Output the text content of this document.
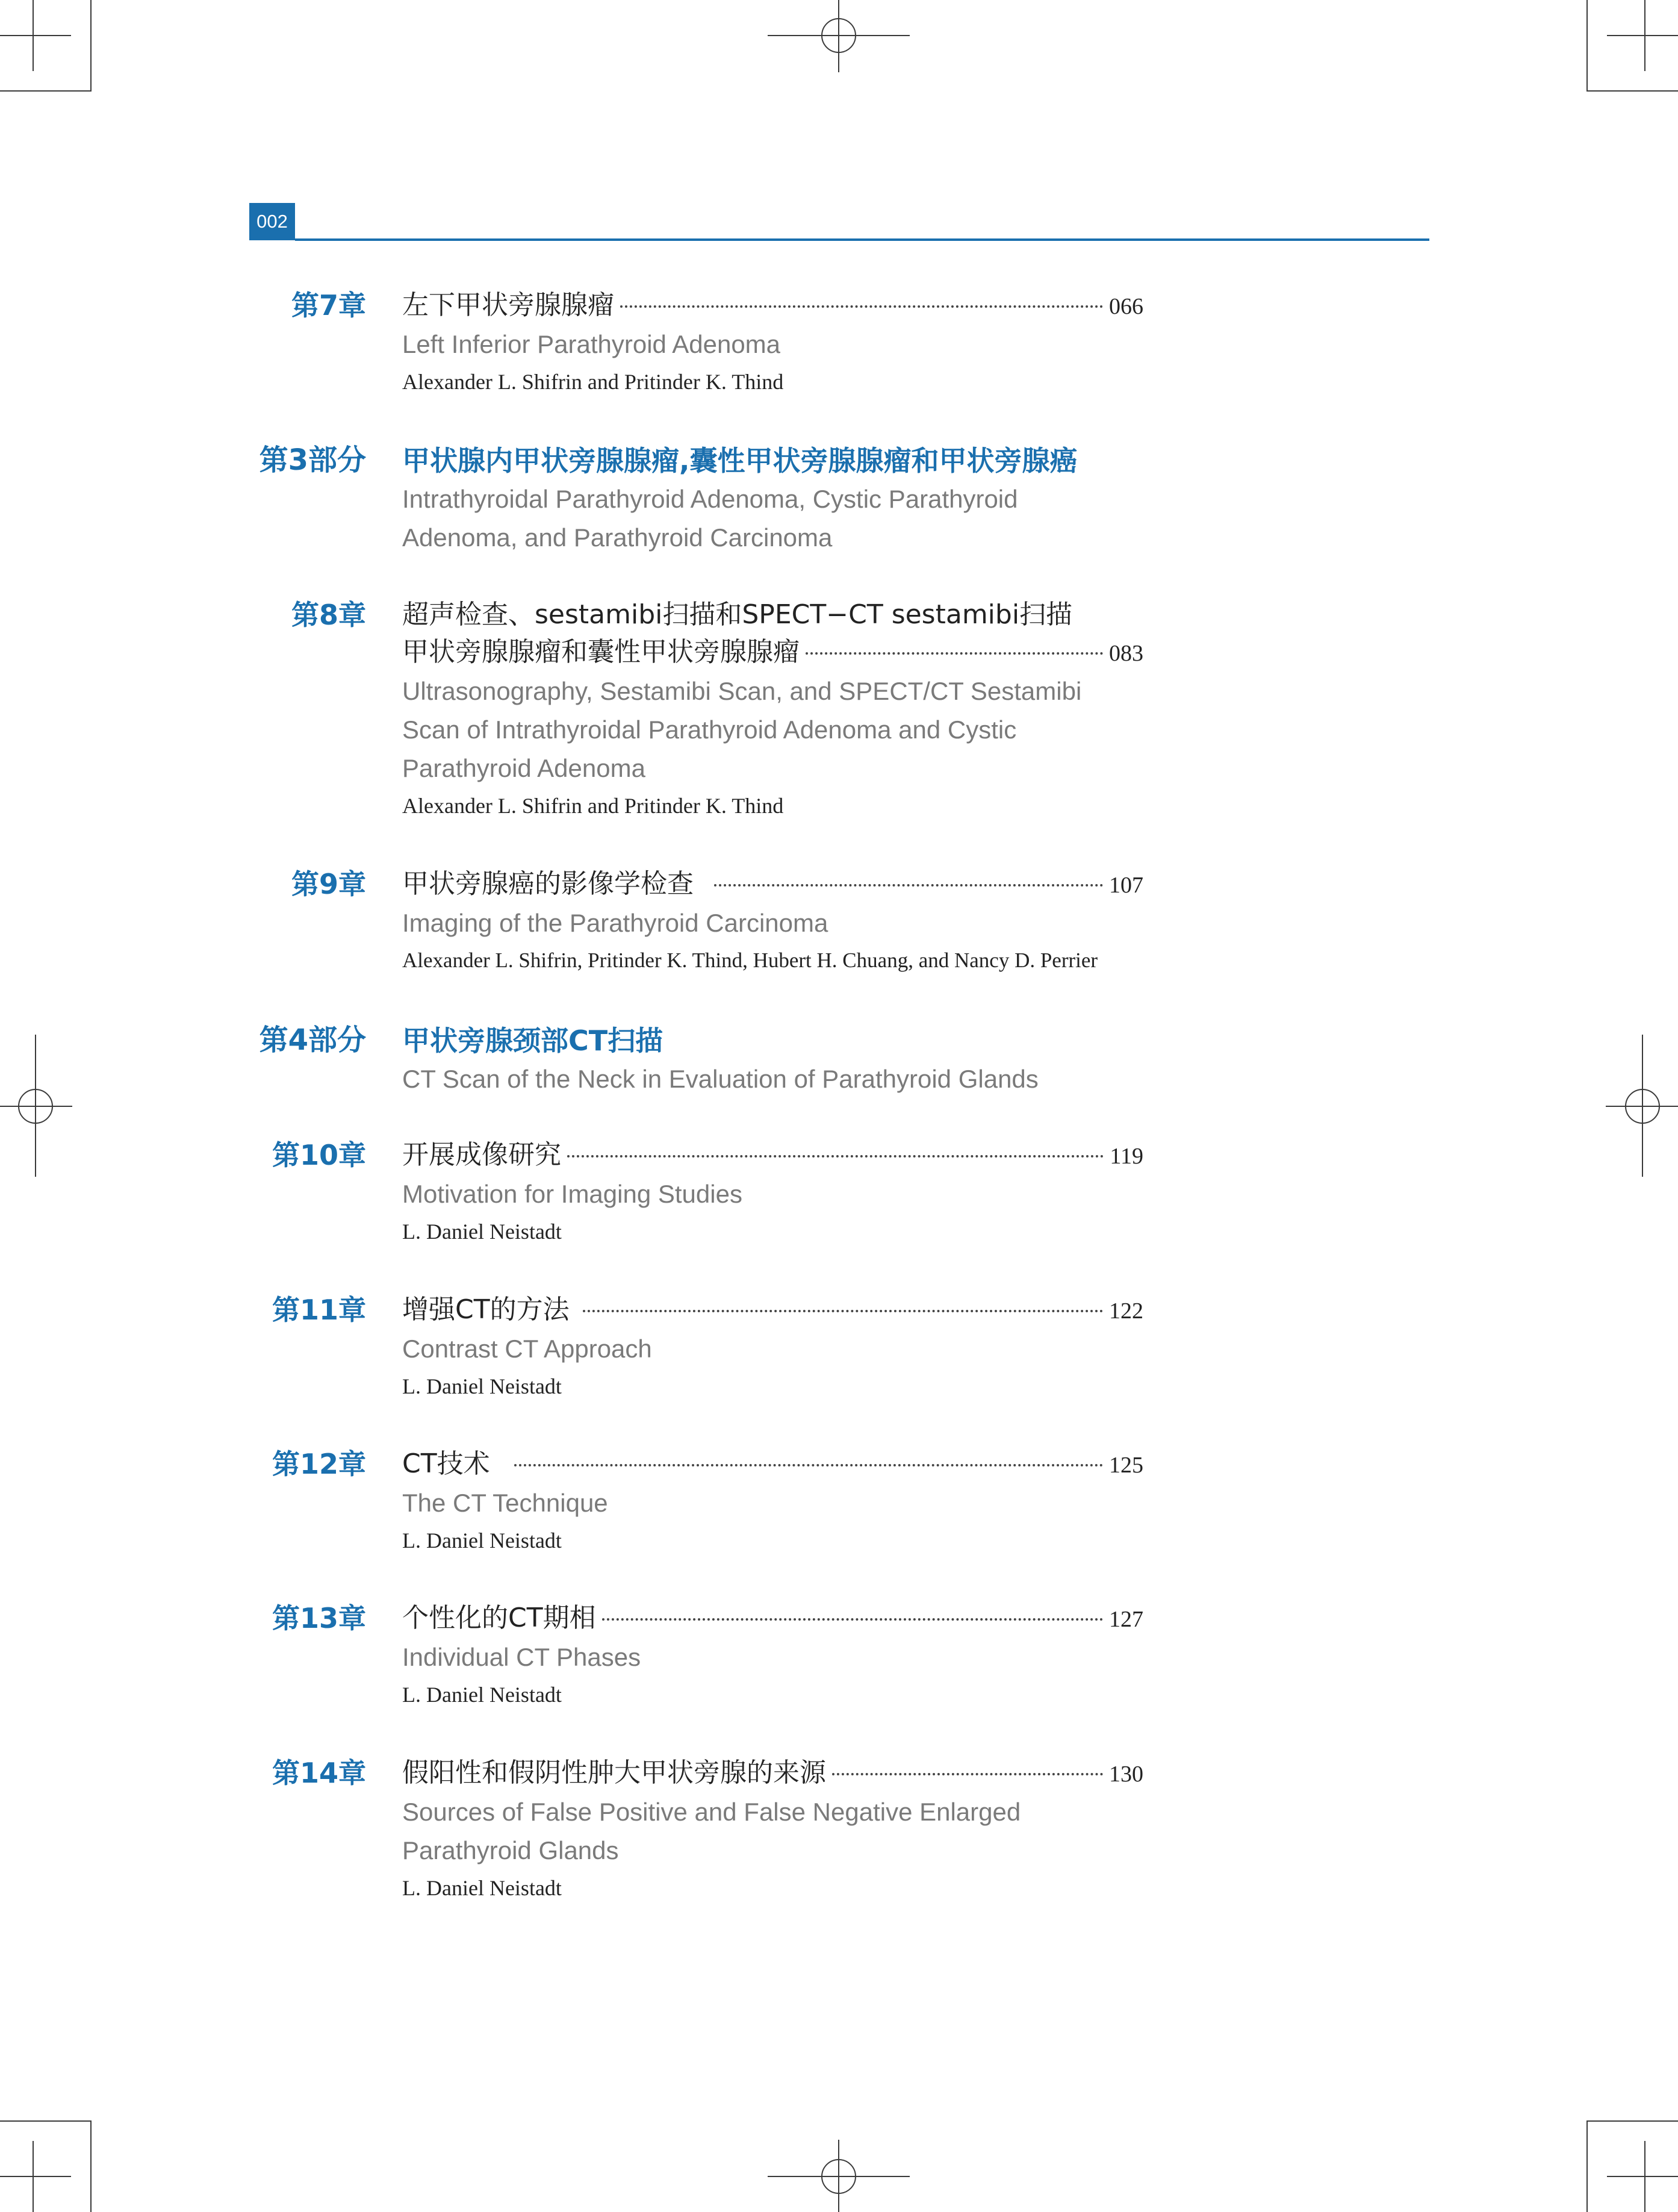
002
第7章 左下甲状旁腺腺瘤	066
Left Inferior Parathyroid Adenoma
Alexander L. Shifrin and Pritinder K. Thind
第3部分 甲状腺内甲状旁腺腺瘤,囊性甲状旁腺腺瘤和甲状旁腺癌
Intrathyroidal Parathyroid Adenoma, Cystic Parathyroid
Adenoma, and Parathyroid Carcinoma
第8章 超声检查、sestamibi扫描和SPECT−CT sestamibi扫描
甲状旁腺腺瘤和囊性甲状旁腺腺瘤	083
Ultrasonography, Sestamibi Scan, and SPECT/CT Sestamibi
Scan of Intrathyroidal Parathyroid Adenoma and Cystic
Parathyroid Adenoma
Alexander L. Shifrin and Pritinder K. Thind
第9章 甲状旁腺癌的影像学检查	107
Imaging of the Parathyroid Carcinoma
Alexander L. Shifrin, Pritinder K. Thind, Hubert H. Chuang, and Nancy D. Perrier
第4部分 甲状旁腺颈部CT扫描
CT Scan of the Neck in Evaluation of Parathyroid Glands
第10章 开展成像研究	119
Motivation for Imaging Studies
L. Daniel Neistadt
第11章 增强CT的方法	122
Contrast CT Approach
L. Daniel Neistadt
第12章 CT技术	125
The CT Technique
L. Daniel Neistadt
第13章 个性化的CT期相	127
Individual CT Phases
L. Daniel Neistadt
第14章 假阳性和假阴性肿大甲状旁腺的来源	130
Sources of False Positive and False Negative Enlarged
Parathyroid Glands
L. Daniel Neistadt
